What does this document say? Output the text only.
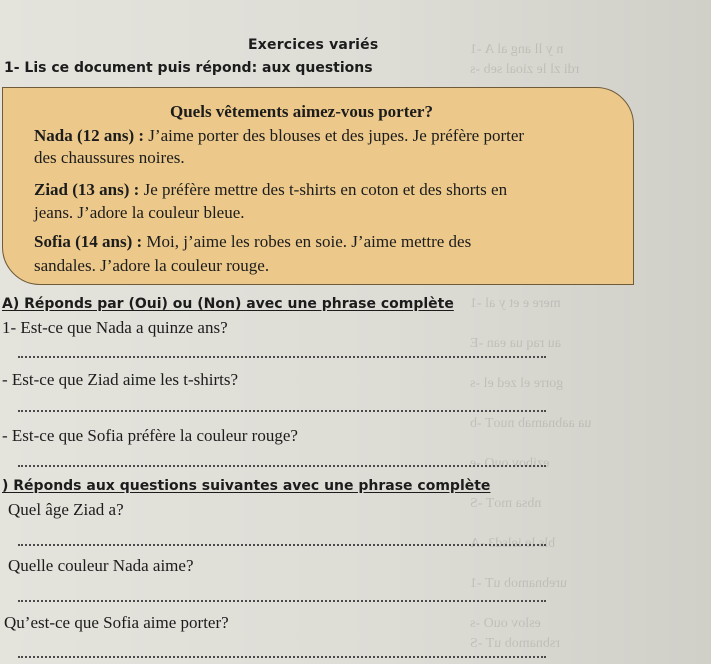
n y ll ang al A -1
rdi zl le zioal seb -s
mere e et y al -1
au raq ua ean -E
gorre el zed el -s
ua aabnamab nuoT -b
ezibov ouO -e
nbsa moT -S
bls le ielsd3 -A
urebnamob uT -1
eslov ouO -s
rsbnamob uT -S
Exercices variés
1- Lis ce document puis répond: aux questions
Quels vêtements aimez-vous porter?
Nada (12 ans) : J’aime porter des blouses et des jupes. Je préfère porter
des chaussures noires.
Ziad (13 ans) : Je préfère mettre des t-shirts en coton et des shorts en
jeans. J’adore la couleur bleue.
Sofia (14 ans) : Moi, j’aime les robes en soie. J’aime mettre des
sandales. J’adore la couleur rouge.
A) Réponds par (Oui) ou (Non) avec une phrase complète
1- Est-ce que Nada a quinze ans?
- Est-ce que Ziad aime les t-shirts?
- Est-ce que Sofia préfère la couleur rouge?
) Réponds aux questions suivantes avec une phrase complète
Quel âge Ziad a?
Quelle couleur Nada aime?
Qu’est-ce que Sofia aime porter?
